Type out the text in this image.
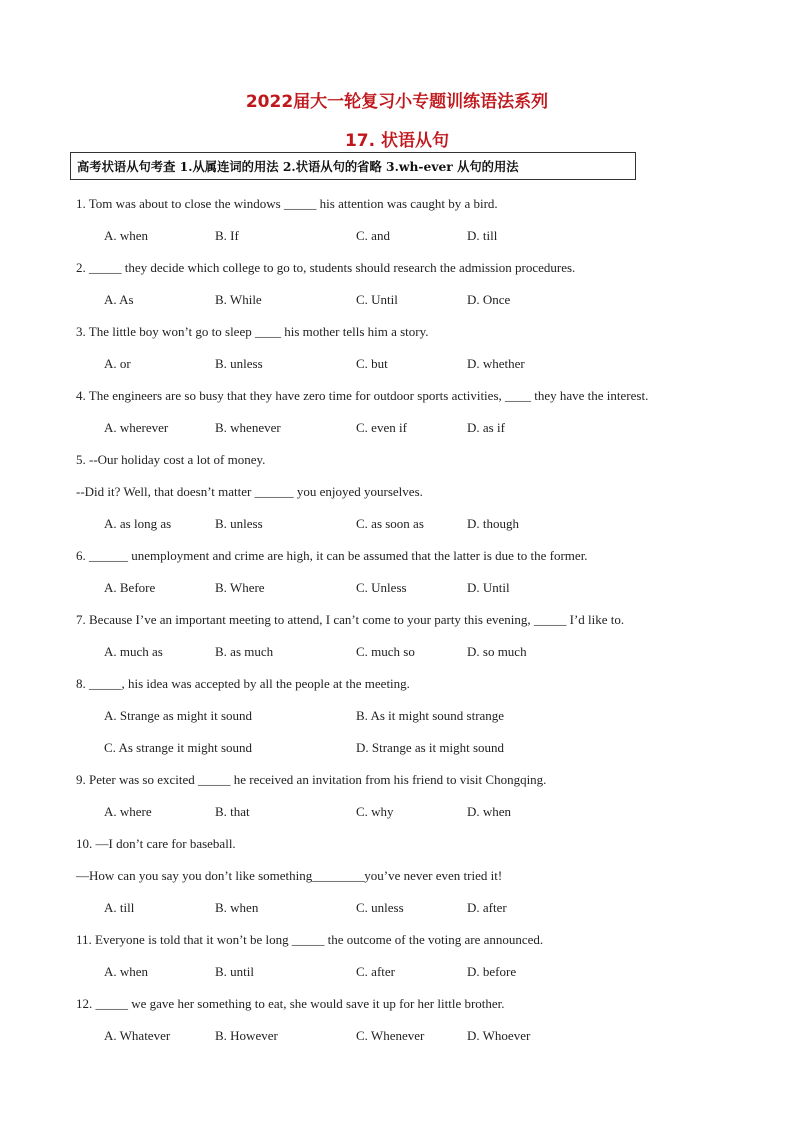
2022届大一轮复习小专题训练语法系列
17. 状语从句
高考状语从句考查 1.从属连词的用法 2.状语从句的省略 3.wh-ever 从句的用法
1. Tom was about to close the windows _____ his attention was caught by a bird.
A. when	B. If	C. and	D. till
2. _____ they decide which college to go to, students should research the admission procedures.
A. As	B. While	C. Until	D. Once
3. The little boy won’t go to sleep ____ his mother tells him a story.
A. or	B. unless	C. but	D. whether
4. The engineers are so busy that they have zero time for outdoor sports activities, ____ they have the interest.
A. wherever	B. whenever	C. even if	D. as if
5. --Our holiday cost a lot of money.
--Did it? Well, that doesn’t matter ______ you enjoyed yourselves.
A. as long as	B. unless	C. as soon as	D. though
6. ______ unemployment and crime are high, it can be assumed that the latter is due to the former.
A. Before	B. Where	C. Unless	D. Until
7. Because I’ve an important meeting to attend, I can’t come to your party this evening, _____ I’d like to.
A. much as	B. as much	C. much so	D. so much
8. _____, his idea was accepted by all the people at the meeting.
A. Strange as might it sound	B. As it might sound strange
C. As strange it might sound	D. Strange as it might sound
9. Peter was so excited _____ he received an invitation from his friend to visit Chongqing.
A. where	B. that	C. why	D. when
10. —I don’t care for baseball.
—How can you say you don’t like something________you’ve never even tried it!
A. till	B. when	C. unless	D. after
11. Everyone is told that it won’t be long _____ the outcome of the voting are announced.
A. when	B. until	C. after	D. before
12. _____ we gave her something to eat, she would save it up for her little brother.
A. Whatever	B. However	C. Whenever	D. Whoever
